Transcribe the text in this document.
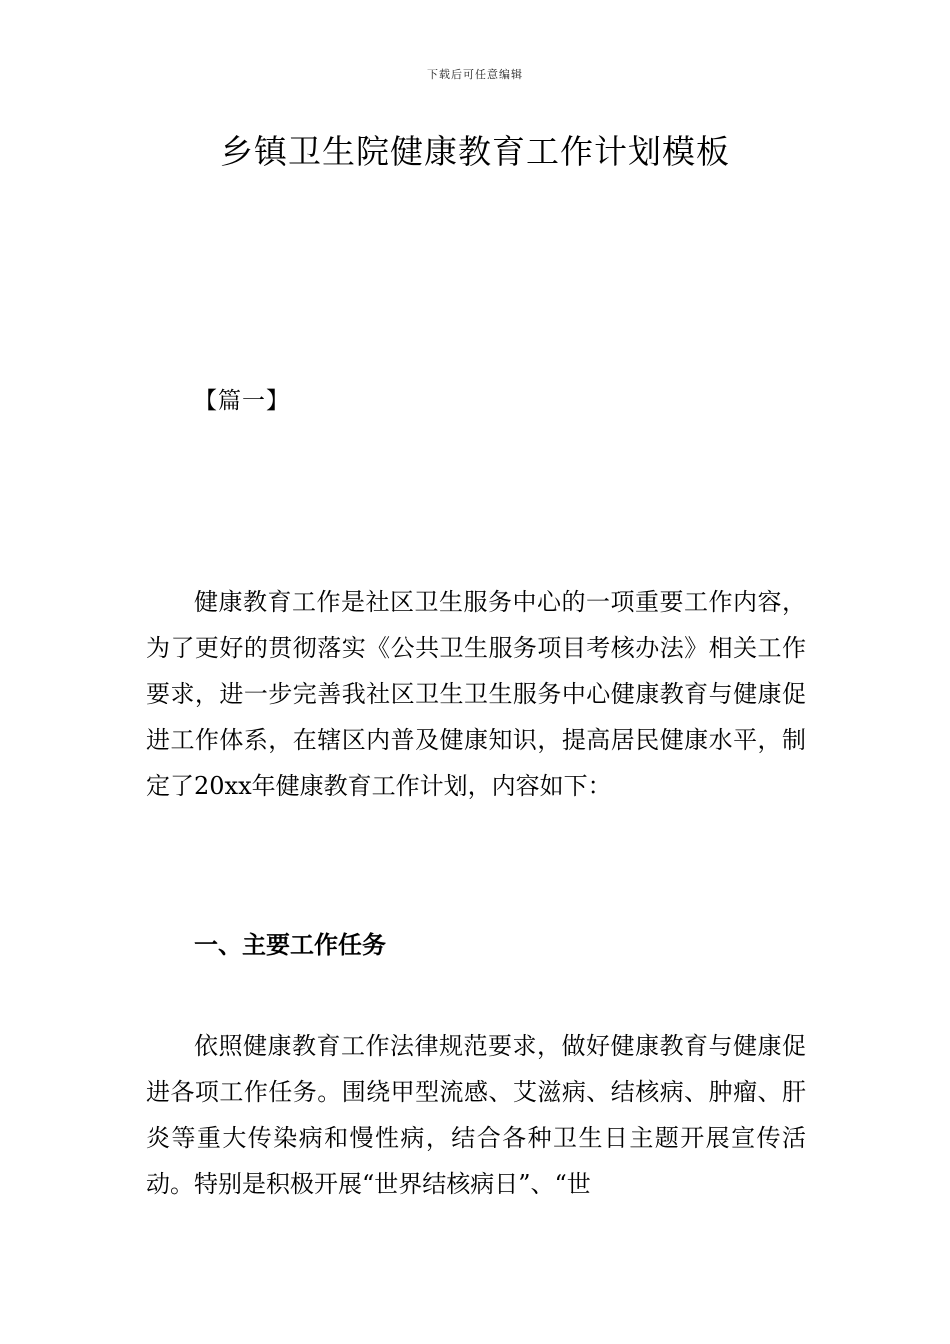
下载后可任意编辑
乡镇卫生院健康教育工作计划模板
【篇一】

健康教育工作是社区卫生服务中心的一项重要工作内容，为了更好的贯彻落实《公共卫生服务项目考核办法》相关工作要求，进一步完善我社区卫生卫生服务中心健康教育与健康促进工作体系，在辖区内普及健康知识，提高居民健康水平，制定了20xx年健康教育工作计划，内容如下：

一、主要工作任务

依照健康教育工作法律规范要求，做好健康教育与健康促进各项工作任务。围绕甲型流感、艾滋病、结核病、肿瘤、肝炎等重大传染病和慢性病，结合各种卫生日主题开展宣传活动。特别是积极开展“世界结核病日”、“世
